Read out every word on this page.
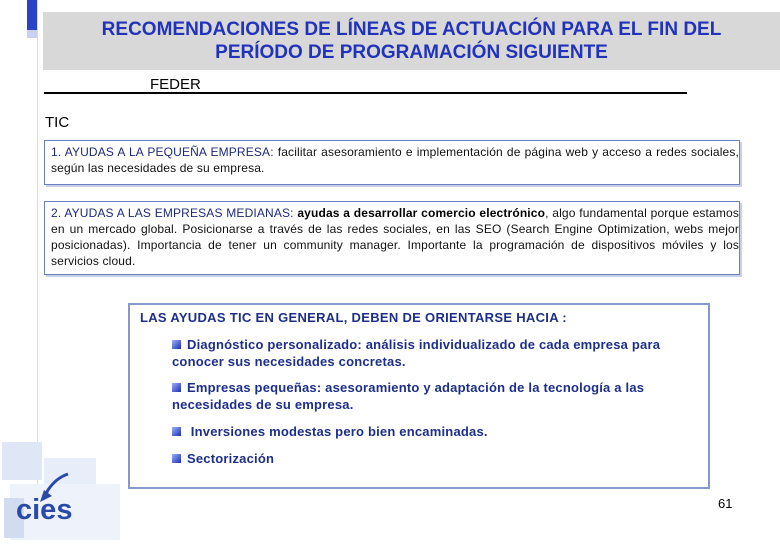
RECOMENDACIONES DE LÍNEAS DE ACTUACIÓN PARA EL FIN DEL
PERÍODO DE PROGRAMACIÓN SIGUIENTE
FEDER
TIC
1. AYUDAS A LA PEQUEÑA EMPRESA: facilitar asesoramiento e implementación de página web y acceso a redes sociales, según las necesidades de su empresa.
2. AYUDAS A LAS EMPRESAS MEDIANAS: ayudas a desarrollar comercio electrónico, algo fundamental porque estamos en un mercado global. Posicionarse a través de las redes sociales, en las SEO (Search Engine Optimization, webs mejor posicionadas). Importancia de tener un community manager. Importante la programación de dispositivos móviles y los servicios cloud.
LAS AYUDAS TIC EN GENERAL, DEBEN DE ORIENTARSE HACIA :
Diagnóstico personalizado: análisis individualizado de cada empresa para conocer sus necesidades concretas.
Empresas pequeñas: asesoramiento y adaptación de la tecnología a las necesidades de su empresa.
Inversiones modestas pero bien encaminadas.
Sectorización
cies	61
